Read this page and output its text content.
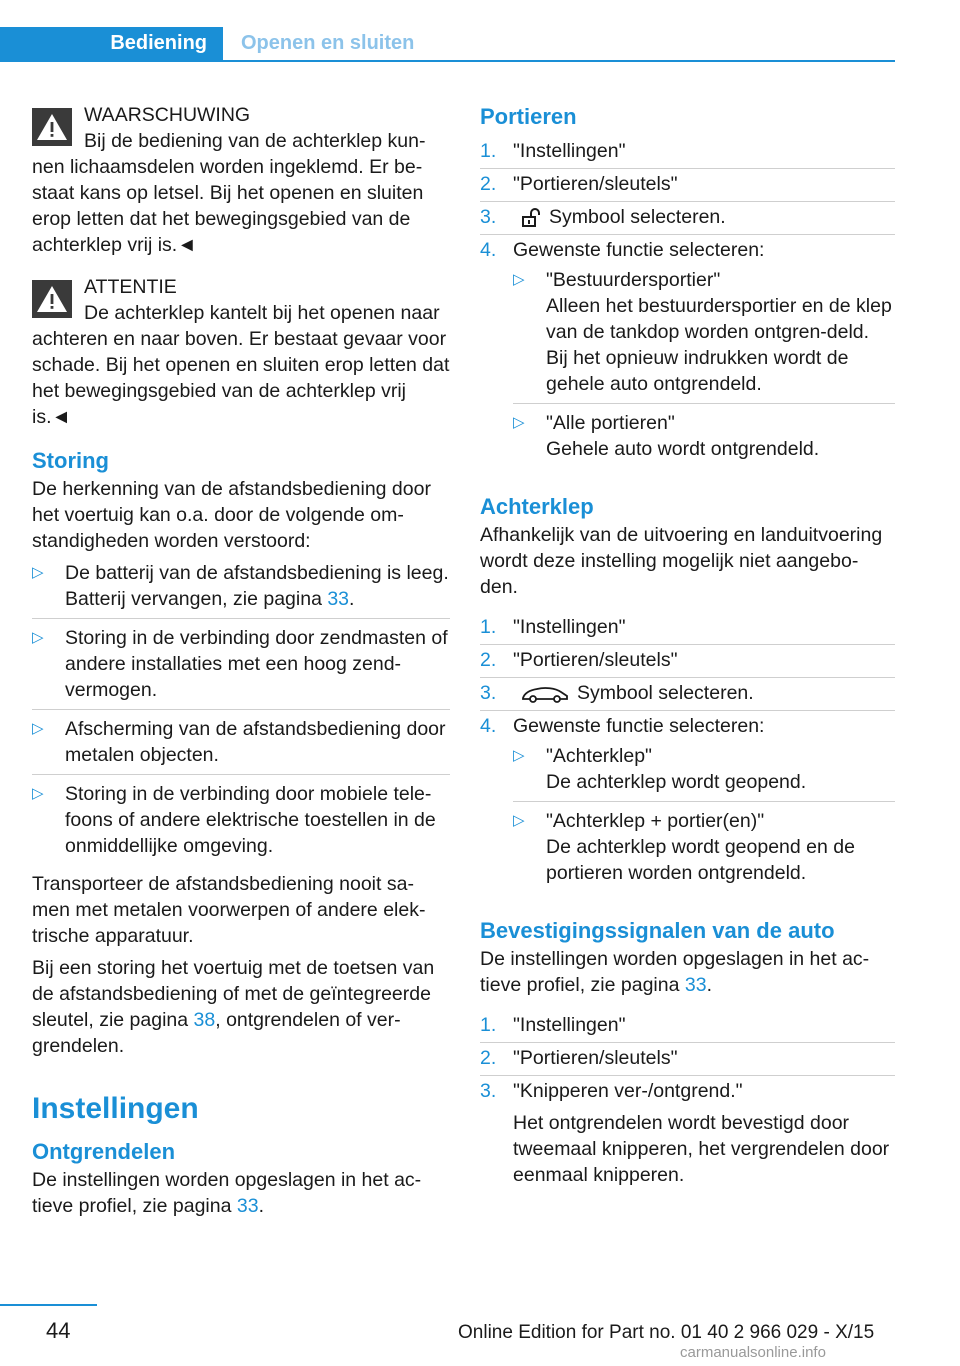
Bediening	Openen en sluiten

WAARSCHUWING

Bij de bediening van de achterklep kun-

nen lichaamsdelen worden ingeklemd. Er be-staat kans op letsel. Bij het openen en sluiten erop letten dat het bewegingsgebied van de achterklep vrij is.◄

ATTENTIE

De achterklep kantelt bij het openen naar

achteren en naar boven. Er bestaat gevaar voor schade. Bij het openen en sluiten erop letten dat het bewegingsgebied van de achterklep vrij is.◄

Storing

De herkenning van de afstandsbediening door het voertuig kan o.a. door de volgende om-standigheden worden verstoord:

▷ De batterij van de afstandsbediening is leeg. Batterij vervangen, zie pagina 33.
▷ Storing in de verbinding door zendmasten of andere installaties met een hoog zend-vermogen.
▷ Afscherming van de afstandsbediening door metalen objecten.
▷ Storing in de verbinding door mobiele tele-foons of andere elektrische toestellen in de onmiddellijke omgeving.

Transporteer de afstandsbediening nooit sa-men met metalen voorwerpen of andere elek-trische apparatuur.

Bij een storing het voertuig met de toetsen van de afstandsbediening of met de geïntegreerde sleutel, zie pagina 38, ontgrendelen of ver-grendelen.

Instellingen
Ontgrendelen

De instellingen worden opgeslagen in het ac-tieve profiel, zie pagina 33.

Portieren
1. "Instellingen"
2. "Portieren/sleutels"
3.	Symbool selecteren.
4. Gewenste functie selecteren:
▷ "Bestuurdersportier"

Alleen het bestuurdersportier en de klep van de tankdop worden ontgren-deld. Bij het opnieuw indrukken wordt de gehele auto ontgrendeld.

▷ "Alle portieren"

Gehele auto wordt ontgrendeld.

Achterklep

Afhankelijk van de uitvoering en landuitvoering wordt deze instelling mogelijk niet aangebo-den.

1. "Instellingen"
2. "Portieren/sleutels"
3.	Symbool selecteren.
4. Gewenste functie selecteren:
▷ "Achterklep"

De achterklep wordt geopend.

▷ "Achterklep + portier(en)"

De achterklep wordt geopend en de portieren worden ontgrendeld.

Bevestigingssignalen van de auto

De instellingen worden opgeslagen in het ac-tieve profiel, zie pagina 33.

1. "Instellingen"
2. "Portieren/sleutels"
3. "Knipperen ver-/ontgrend."

Het ontgrendelen wordt bevestigd door tweemaal knipperen, het vergrendelen door eenmaal knipperen.

44	Online Edition for Part no. 01 40 2 966 029 - X/15
carmanualsonline.info
